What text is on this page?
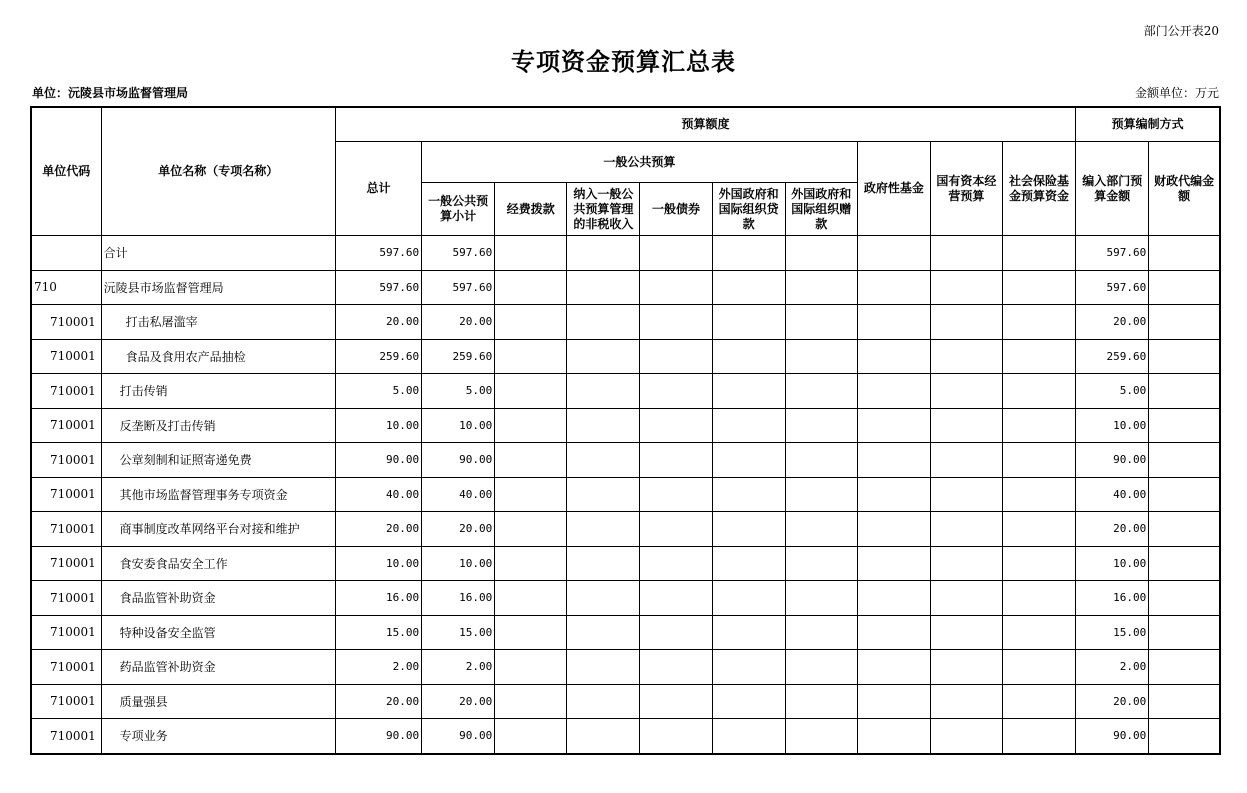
部门公开表20
专项资金预算汇总表
单位：沅陵县市场监督管理局	金额单位：万元
单位代码	单位名称（专项名称）	预算额度										预算编制方式	
		总计	一般公共预算						政府性基金	国有资本经营预算	社会保险基金预算资金	编入部门预算金额	财政代编金额
			一般公共预算小计	经费拨款	纳入一般公共预算管理的非税收入	一般债券	外国政府和国际组织贷款	外国政府和国际组织赠款					
	合计	597.60	597.60									597.60	
710	沅陵县市场监督管理局	597.60	597.60									597.60	
710001	打击私屠滥宰	20.00	20.00									20.00	
710001	食品及食用农产品抽检	259.60	259.60									259.60	
710001	打击传销	5.00	5.00									5.00	
710001	反垄断及打击传销	10.00	10.00									10.00	
710001	公章刻制和证照寄递免费	90.00	90.00									90.00	
710001	其他市场监督管理事务专项资金	40.00	40.00									40.00	
710001	商事制度改革网络平台对接和维护	20.00	20.00									20.00	
710001	食安委食品安全工作	10.00	10.00									10.00	
710001	食品监管补助资金	16.00	16.00									16.00	
710001	特种设备安全监管	15.00	15.00									15.00	
710001	药品监管补助资金	2.00	2.00									2.00	
710001	质量强县	20.00	20.00									20.00	
710001	专项业务	90.00	90.00									90.00	
